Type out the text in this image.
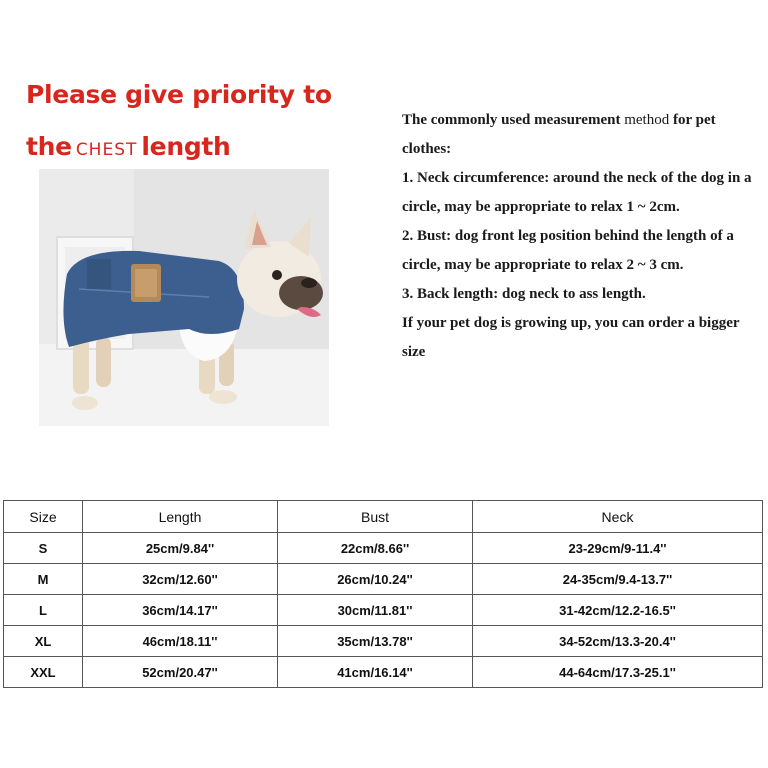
Please give priority to
the CHEST length

The commonly used measurement method for pet clothes:

1. Neck circumference: around the neck of the dog in a circle, may be appropriate to relax 1 ~ 2cm.

2. Bust: dog front leg position behind the length of a circle, may be appropriate to relax 2 ~ 3 cm.

3. Back length: dog neck to ass length.

If your pet dog is growing up, you can order a bigger size

Size	Length	Bust	Neck
S	25cm/9.84''	22cm/8.66''	23-29cm/9-11.4''
M	32cm/12.60''	26cm/10.24''	24-35cm/9.4-13.7''
L	36cm/14.17''	30cm/11.81''	31-42cm/12.2-16.5''
XL	46cm/18.11''	35cm/13.78''	34-52cm/13.3-20.4''
XXL	52cm/20.47''	41cm/16.14''	44-64cm/17.3-25.1''
